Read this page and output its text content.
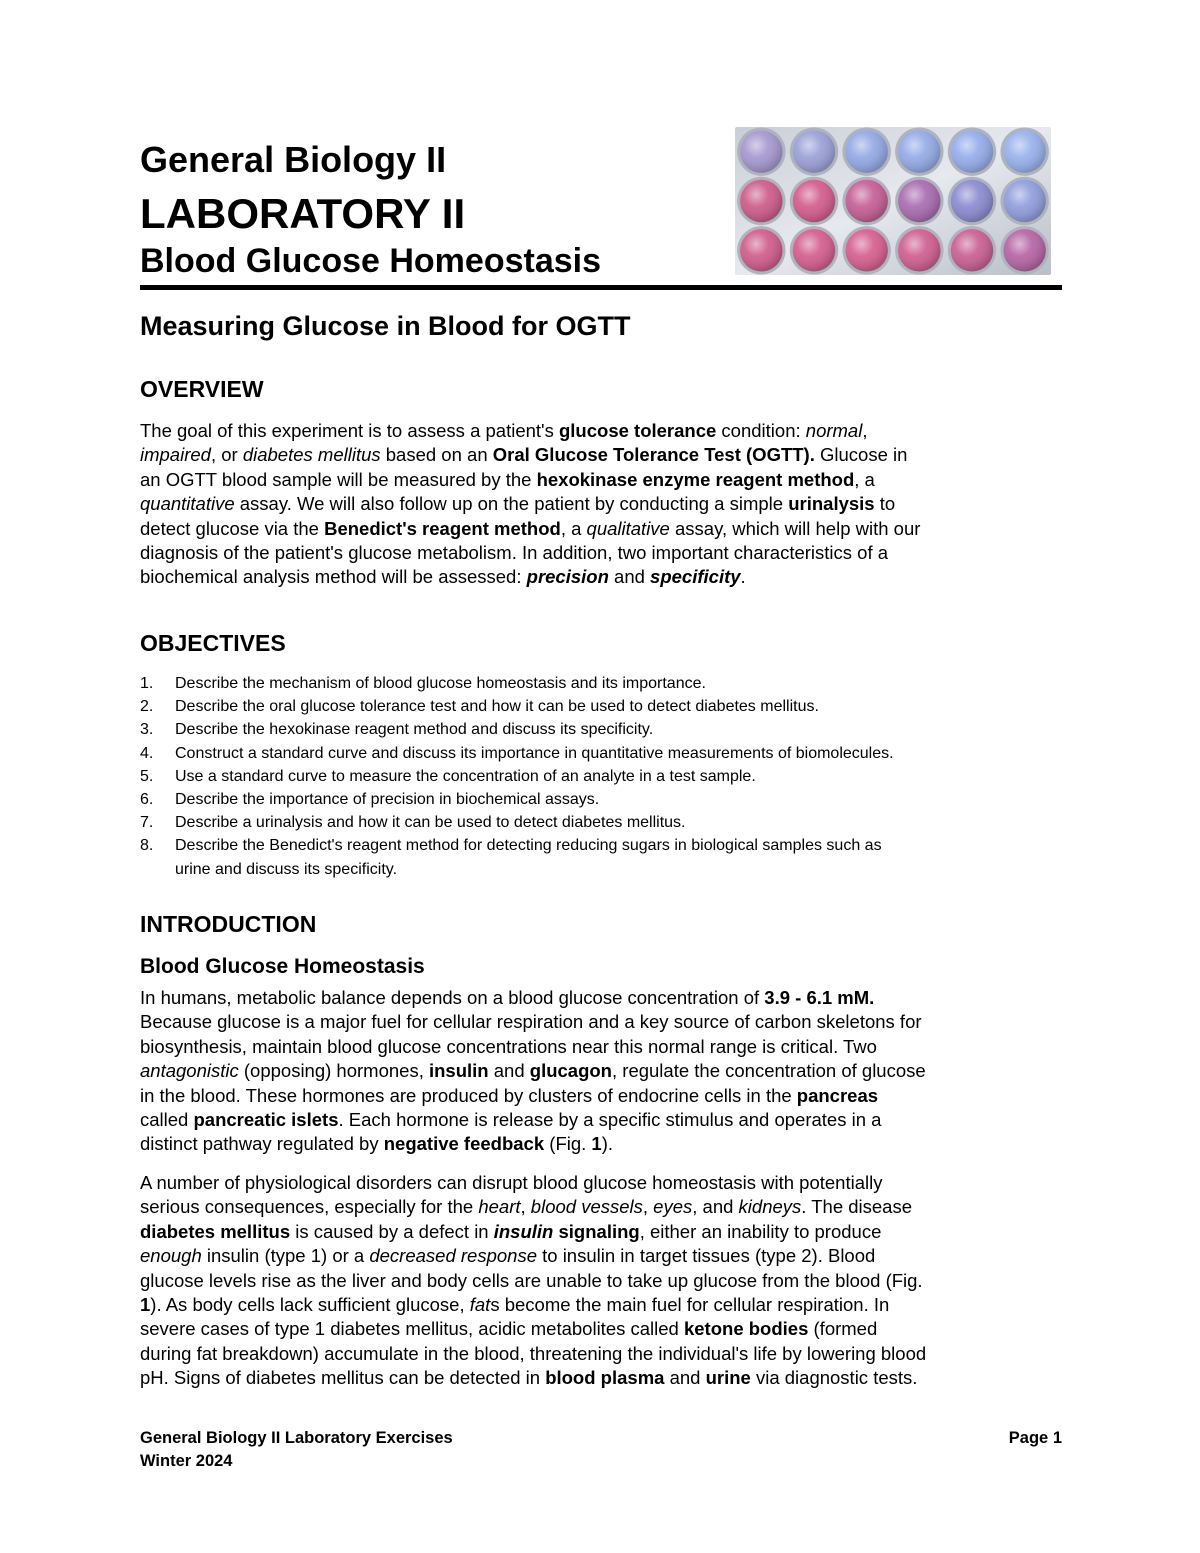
General Biology II
LABORATORY II
Blood Glucose Homeostasis
Measuring Glucose in Blood for OGTT
OVERVIEW
The goal of this experiment is to assess a patient's glucose tolerance condition: normal,
impaired, or diabetes mellitus based on an Oral Glucose Tolerance Test (OGTT). Glucose in
an OGTT blood sample will be measured by the hexokinase enzyme reagent method, a
quantitative assay. We will also follow up on the patient by conducting a simple urinalysis to
detect glucose via the Benedict's reagent method, a qualitative assay, which will help with our
diagnosis of the patient's glucose metabolism. In addition, two important characteristics of a
biochemical analysis method will be assessed: precision and specificity.
OBJECTIVES
1. Describe the mechanism of blood glucose homeostasis and its importance.
2. Describe the oral glucose tolerance test and how it can be used to detect diabetes mellitus.
3. Describe the hexokinase reagent method and discuss its specificity.
4. Construct a standard curve and discuss its importance in quantitative measurements of biomolecules.
5. Use a standard curve to measure the concentration of an analyte in a test sample.
6. Describe the importance of precision in biochemical assays.
7. Describe a urinalysis and how it can be used to detect diabetes mellitus.
8. Describe the Benedict's reagent method for detecting reducing sugars in biological samples such as
urine and discuss its specificity.
INTRODUCTION
Blood Glucose Homeostasis
In humans, metabolic balance depends on a blood glucose concentration of 3.9 - 6.1 mM.
Because glucose is a major fuel for cellular respiration and a key source of carbon skeletons for
biosynthesis, maintain blood glucose concentrations near this normal range is critical. Two
antagonistic (opposing) hormones, insulin and glucagon, regulate the concentration of glucose
in the blood. These hormones are produced by clusters of endocrine cells in the pancreas
called pancreatic islets. Each hormone is release by a specific stimulus and operates in a
distinct pathway regulated by negative feedback (Fig. 1).
A number of physiological disorders can disrupt blood glucose homeostasis with potentially
serious consequences, especially for the heart, blood vessels, eyes, and kidneys. The disease
diabetes mellitus is caused by a defect in insulin signaling, either an inability to produce
enough insulin (type 1) or a decreased response to insulin in target tissues (type 2). Blood
glucose levels rise as the liver and body cells are unable to take up glucose from the blood (Fig.
1). As body cells lack sufficient glucose, fats become the main fuel for cellular respiration. In
severe cases of type 1 diabetes mellitus, acidic metabolites called ketone bodies (formed
during fat breakdown) accumulate in the blood, threatening the individual's life by lowering blood
pH. Signs of diabetes mellitus can be detected in blood plasma and urine via diagnostic tests.
General Biology II Laboratory Exercises	Page 1
Winter 2024
